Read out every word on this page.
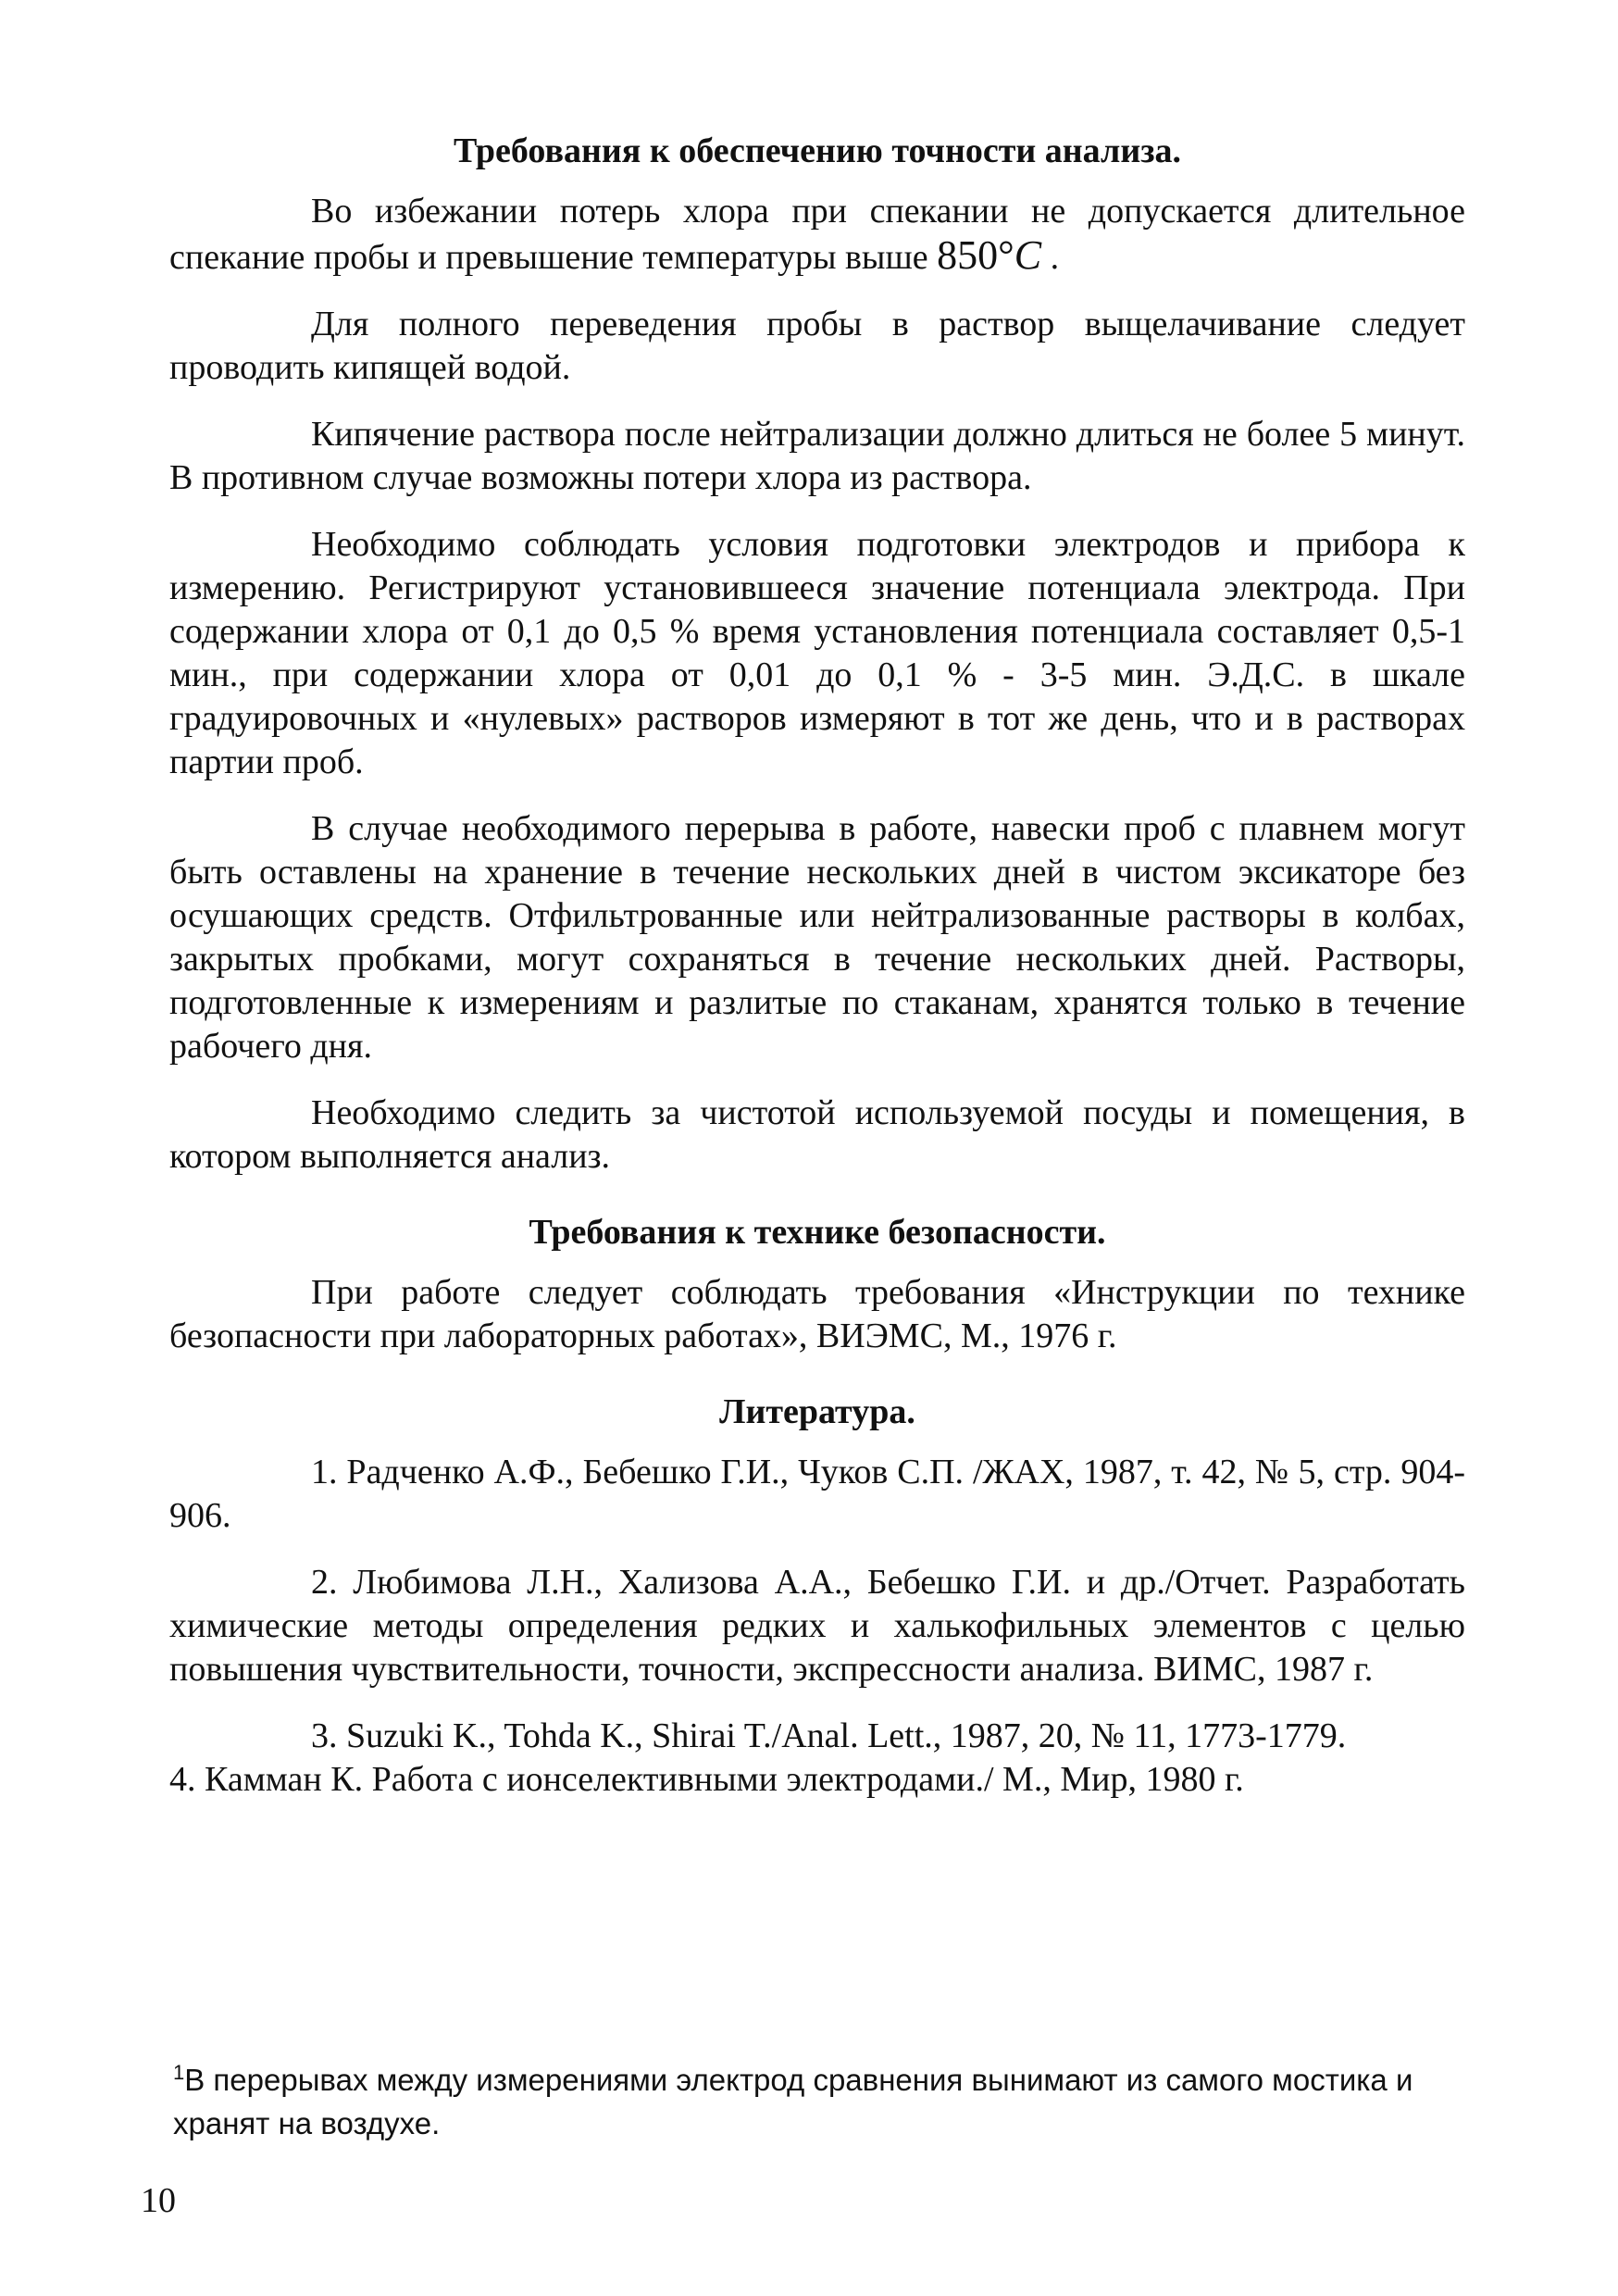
Требования к обеспечению точности анализа.

Во избежании потерь хлора при спекании не допускается длительное спекание пробы и превышение температуры выше 850°C .

Для полного переведения пробы в раствор выщелачивание следует проводить кипящей водой.

Кипячение раствора после нейтрализации должно длиться не более 5 минут. В противном случае возможны потери хлора из раствора.

Необходимо соблюдать условия подготовки электродов и прибора к измерению. Регистрируют установившееся значение потенциала электрода. При содержании хлора от 0,1 до 0,5 % время установления потенциала составляет 0,5-1 мин., при содержании хлора от 0,01 до 0,1 % - 3-5 мин. Э.Д.С. в шкале градуировочных и «нулевых» растворов измеряют в тот же день, что и в растворах партии проб.

В случае необходимого перерыва в работе, навески проб с плавнем могут быть оставлены на хранение в течение нескольких дней в чистом эксикаторе без осушающих средств. Отфильтрованные или нейтрализованные растворы в колбах, закрытых пробками, могут сохраняться в течение нескольких дней. Растворы, подготовленные к измерениям и разлитые по стаканам, хранятся только в течение рабочего дня.

Необходимо следить за чистотой используемой посуды и помещения, в котором выполняется анализ.

Требования к технике безопасности.

При работе следует соблюдать требования «Инструкции по технике безопасности при лабораторных работах», ВИЭМС, М., 1976 г.

Литература.

1. Радченко А.Ф., Бебешко Г.И., Чуков С.П. /ЖАХ, 1987, т. 42, № 5, стр. 904-906.

2. Любимова Л.Н., Хализова А.А., Бебешко Г.И. и др./Отчет. Разработать химические методы определения редких и халькофильных элементов с целью повышения чувствительности, точности, экспрессности анализа. ВИМС, 1987 г.

3. Suzuki K., Tohda K., Shirai T./Anal. Lett., 1987, 20, № 11, 1773-1779.

4. Камман К. Работа с ионселективными электродами./ М., Мир, 1980 г.

$^1$В перерывах между измерениями электрод сравнения вынимают из самого мостика и хранят на воздухе.
10
